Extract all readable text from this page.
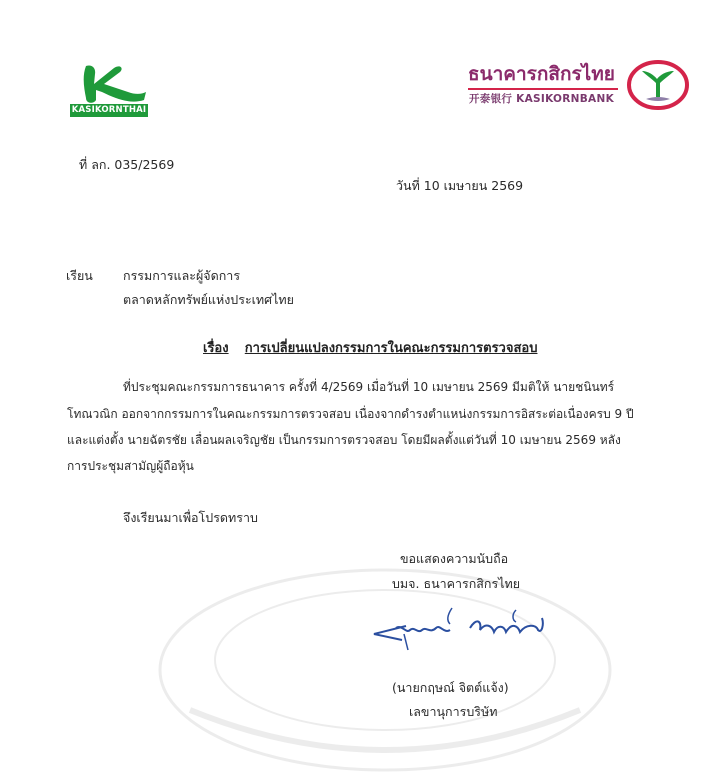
KASIKORNTHAI
ธนาคารกสิกรไทย
开泰银行 KASIKORNBANK
ที่ ลก. 035/2569
วันที่ 10 เมษายน 2569
เรียน กรรมการและผู้จัดการ
ตลาดหลักทรัพย์แห่งประเทศไทย
เรื่อง การเปลี่ยนแปลงกรรมการในคณะกรรมการตรวจสอบ
ที่ประชุมคณะกรรมการธนาคาร ครั้งที่ 4/2569 เมื่อวันที่ 10 เมษายน 2569 มีมติให้ นายชนินทร์
โทณวณิก ออกจากกรรมการในคณะกรรมการตรวจสอบ เนื่องจากดำรงตำแหน่งกรรมการอิสระต่อเนื่องครบ 9 ปี
และแต่งตั้ง นายฉัตรชัย เลื่อนผลเจริญชัย เป็นกรรมการตรวจสอบ โดยมีผลตั้งแต่วันที่ 10 เมษายน 2569 หลัง
การประชุมสามัญผู้ถือหุ้น
จึงเรียนมาเพื่อโปรดทราบ
ขอแสดงความนับถือ
บมจ. ธนาคารกสิกรไทย
(นายกฤษณ์ จิตต์แจ้ง)
เลขานุการบริษัท
